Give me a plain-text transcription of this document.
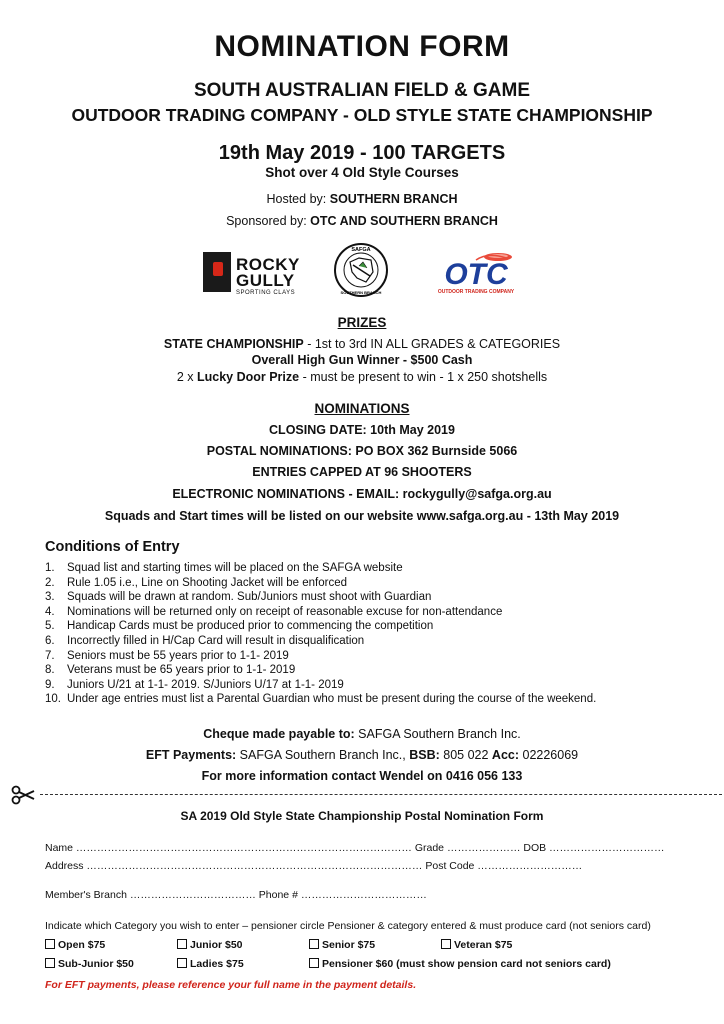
NOMINATION FORM
SOUTH AUSTRALIAN FIELD & GAME
OUTDOOR TRADING COMPANY - OLD STYLE STATE CHAMPIONSHIP
19th May 2019 - 100 TARGETS
Shot over 4 Old Style Courses
Hosted by: SOUTHERN BRANCH
Sponsored by: OTC AND SOUTHERN BRANCH
ROCKY
GULLY
SPORTING CLAYS
SAFGA
SOUTHERN BRANCH
OTC
OUTDOOR TRADING COMPANY
PRIZES
STATE CHAMPIONSHIP - 1st to 3rd IN ALL GRADES & CATEGORIES
Overall High Gun Winner - $500 Cash
2 x Lucky Door Prize - must be present to win - 1 x 250 shotshells
NOMINATIONS
CLOSING DATE: 10th May 2019
POSTAL NOMINATIONS: PO BOX 362 Burnside 5066
ENTRIES CAPPED AT 96 SHOOTERS
ELECTRONIC NOMINATIONS - EMAIL: rockygully@safga.org.au
Squads and Start times will be listed on our website www.safga.org.au - 13th May 2019
Conditions of Entry
1.	Squad list and starting times will be placed on the SAFGA website
2.	Rule 1.05 i.e., Line on Shooting Jacket will be enforced
3.	Squads will be drawn at random. Sub/Juniors must shoot with Guardian
4.	Nominations will be returned only on receipt of reasonable excuse for non-attendance
5.	Handicap Cards must be produced prior to commencing the competition
6.	Incorrectly filled in H/Cap Card will result in disqualification
7.	Seniors must be 55 years prior to 1-1- 2019
8.	Veterans must be 65 years prior to 1-1- 2019
9.	Juniors U/21 at 1-1- 2019. S/Juniors U/17 at 1-1- 2019
10. Under age entries must list a Parental Guardian who must be present during the course of the weekend.
Cheque made payable to: SAFGA Southern Branch Inc.
EFT Payments: SAFGA Southern Branch Inc., BSB: 805 022 Acc: 02226069
For more information contact Wendel on 0416 056 133
SA 2019 Old Style State Championship Postal Nomination Form
Name …………………………………………………………………………………… Grade ………………… DOB ……………………………
Address …………………………………………………………………………………… Post Code …………………………
Member's Branch ……………………………… Phone # ………………………………
Indicate which Category you wish to enter – pensioner circle Pensioner & category entered & must produce card (not seniors card)
Open $75	Junior $50	Senior $75	Veteran $75
Sub-Junior $50	Ladies $75	Pensioner $60 (must show pension card not seniors card)
For EFT payments, please reference your full name in the payment details.
